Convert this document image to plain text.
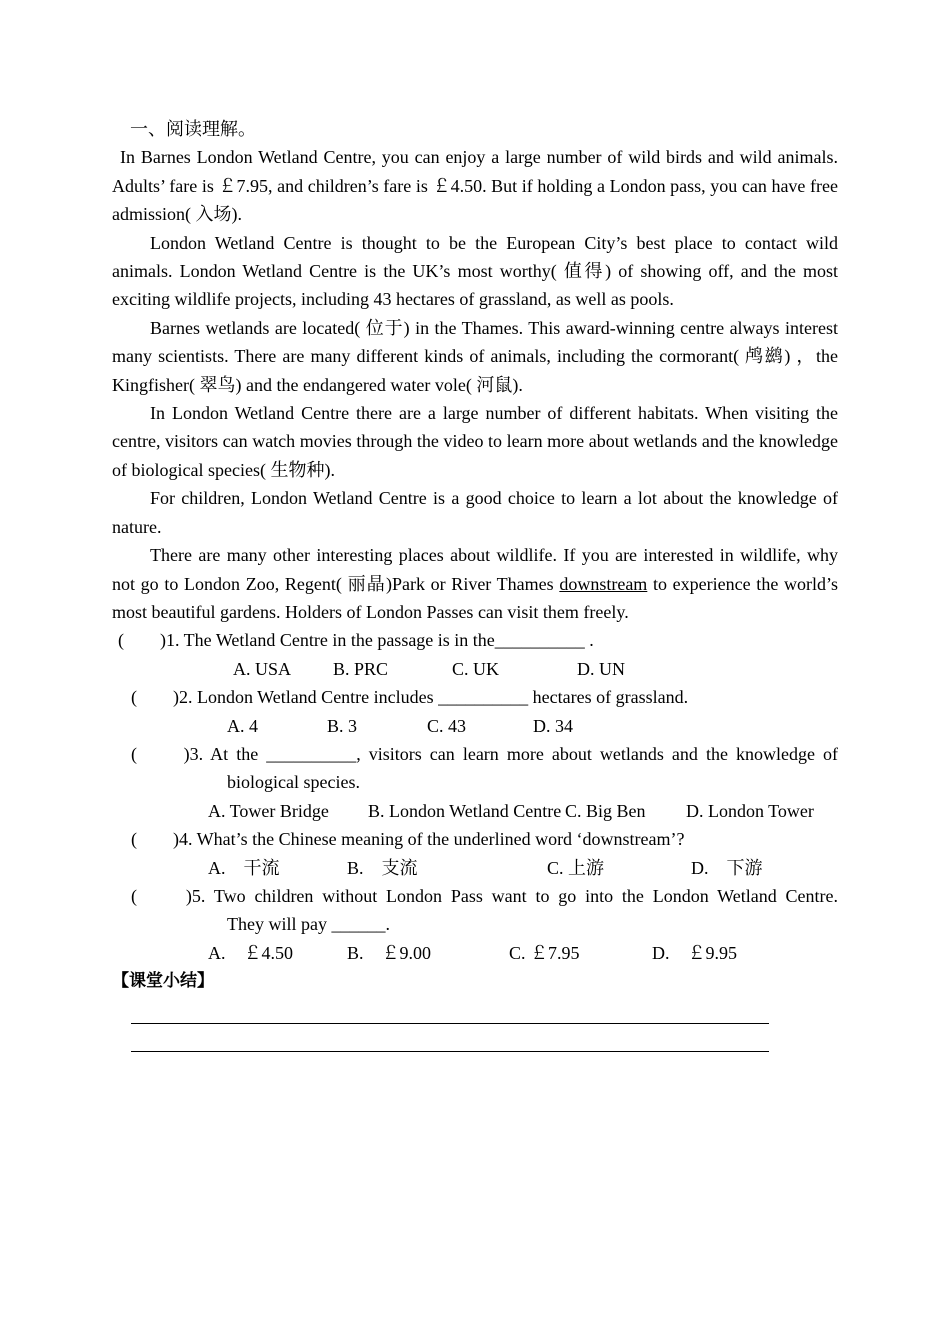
一、阅读理解。
In Barnes London Wetland Centre, you can enjoy a large number of wild birds and wild animals. Adults’ fare is ￡7.95, and children’s fare is ￡4.50. But if holding a London pass, you can have free admission( 入场).
London Wetland Centre is thought to be the European City’s best place to contact wild animals. London Wetland Centre is the UK’s most worthy( 值得) of showing off, and the most exciting wildlife projects, including 43 hectares of grassland, as well as pools.
Barnes wetlands are located( 位于) in the Thames. This award-winning centre always interest many scientists. There are many different kinds of animals, including the cormorant( 鸬鹚) ，the Kingfisher( 翠鸟) and the endangered water vole( 河鼠).
In London Wetland Centre there are a large number of different habitats. When visiting the centre, visitors can watch movies through the video to learn more about wetlands and the knowledge of biological species( 生物种).
For children, London Wetland Centre is a good choice to learn a lot about the knowledge of nature.
There are many other interesting places about wildlife. If you are interested in wildlife, why not go to London Zoo, Regent( 丽晶)Park or River Thames downstream to experience the world’s most beautiful gardens. Holders of London Passes can visit them freely.
(　　)1. The Wetland Centre in the passage is in the__________ .
A. USA B. PRC	C. UK	D. UN
(　　)2. London Wetland Centre includes __________ hectares of grassland.
A. 4	B. 3	C. 43	D. 34
(　　)3. At the __________, visitors can learn more about wetlands and the knowledge of
biological species.
A. Tower Bridge B. London Wetland Centre C. Big Ben D. London Tower
(　　)4. What’s the Chinese meaning of the underlined word ‘downstream’?
A.　干流	B.　支流	C. 上游	D.　下游
(　　)5. Two children without London Pass want to go into the London Wetland Centre.
They will pay ______.
A.　￡4.50	B.　￡9.00	C. ￡7.95	D.　￡9.95
【课堂小结】
